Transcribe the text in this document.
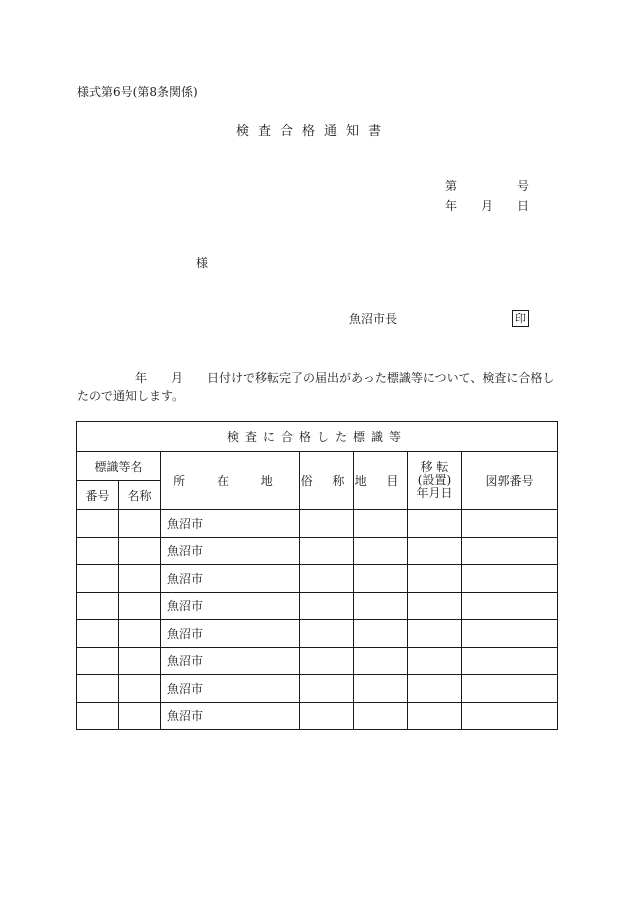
様式第6号(第8条関係)
検査合格通知書
第	号
年 月 日
様
魚沼市長	印
年 月 日付けで移転完了の届出があった標識等について、検査に合格し
たので通知します。
検査に合格した標識等						
標識等名		所 在 地	俗 称	地 目	移 転
(設置)
年月日	図郭番号
番号	名称					
		魚沼市				
		魚沼市				
		魚沼市				
		魚沼市				
		魚沼市				
		魚沼市				
		魚沼市				
		魚沼市				
